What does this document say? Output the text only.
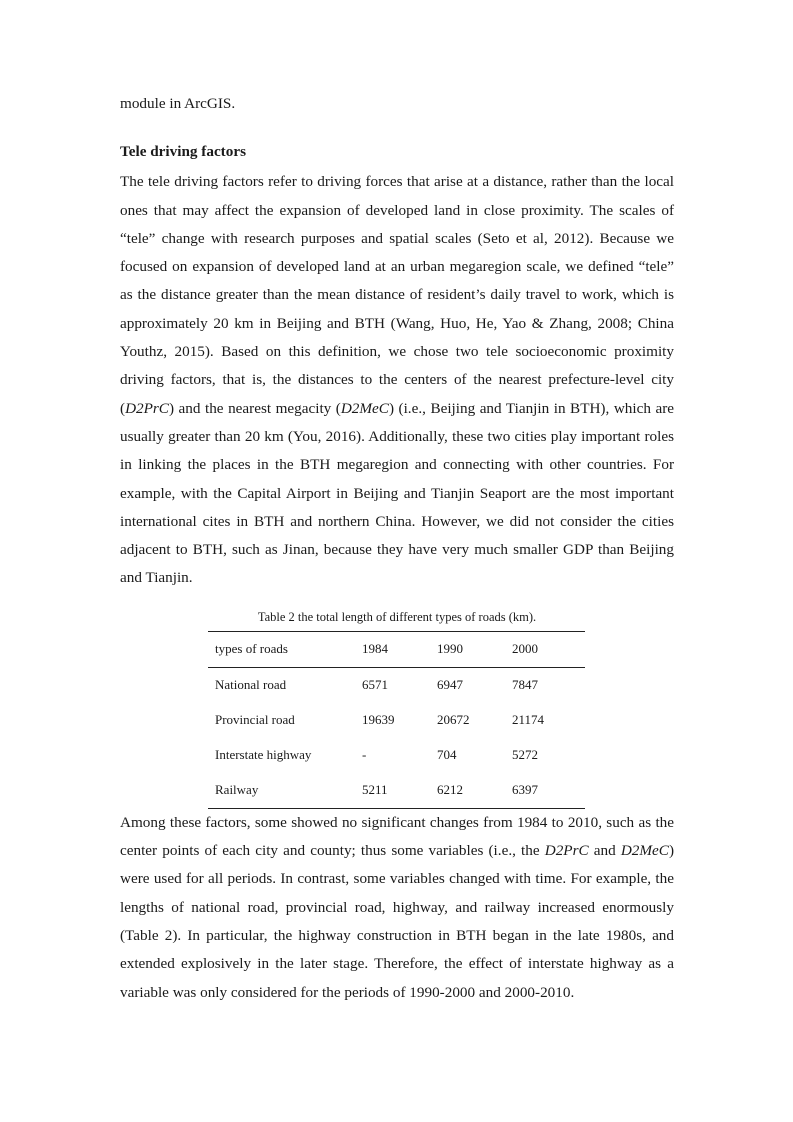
module in ArcGIS.

Tele driving factors

The tele driving factors refer to driving forces that arise at a distance, rather than the local ones that may affect the expansion of developed land in close proximity. The scales of “tele” change with research purposes and spatial scales (Seto et al, 2012). Because we focused on expansion of developed land at an urban megaregion scale, we defined “tele” as the distance greater than the mean distance of resident’s daily travel to work, which is approximately 20 km in Beijing and BTH (Wang, Huo, He, Yao & Zhang, 2008; China Youthz, 2015). Based on this definition, we chose two tele socioeconomic proximity driving factors, that is, the distances to the centers of the nearest prefecture-level city (D2PrC) and the nearest megacity (D2MeC) (i.e., Beijing and Tianjin in BTH), which are usually greater than 20 km (You, 2016). Additionally, these two cities play important roles in linking the places in the BTH megaregion and connecting with other countries. For example, with the Capital Airport in Beijing and Tianjin Seaport are the most important international cites in BTH and northern China. However, we did not consider the cities adjacent to BTH, such as Jinan, because they have very much smaller GDP than Beijing and Tianjin.

Table 2 the total length of different types of roads (km).
types of roads	1984	1990	2000
National road	6571	6947	7847
Provincial road	19639	20672	21174
Interstate highway	-	704	5272
Railway	5211	6212	6397

Among these factors, some showed no significant changes from 1984 to 2010, such as the center points of each city and county; thus some variables (i.e., the D2PrC and D2MeC) were used for all periods. In contrast, some variables changed with time. For example, the lengths of national road, provincial road, highway, and railway increased enormously (Table 2). In particular, the highway construction in BTH began in the late 1980s, and extended explosively in the later stage. Therefore, the effect of interstate highway as a variable was only considered for the periods of 1990-2000 and 2000-2010.
